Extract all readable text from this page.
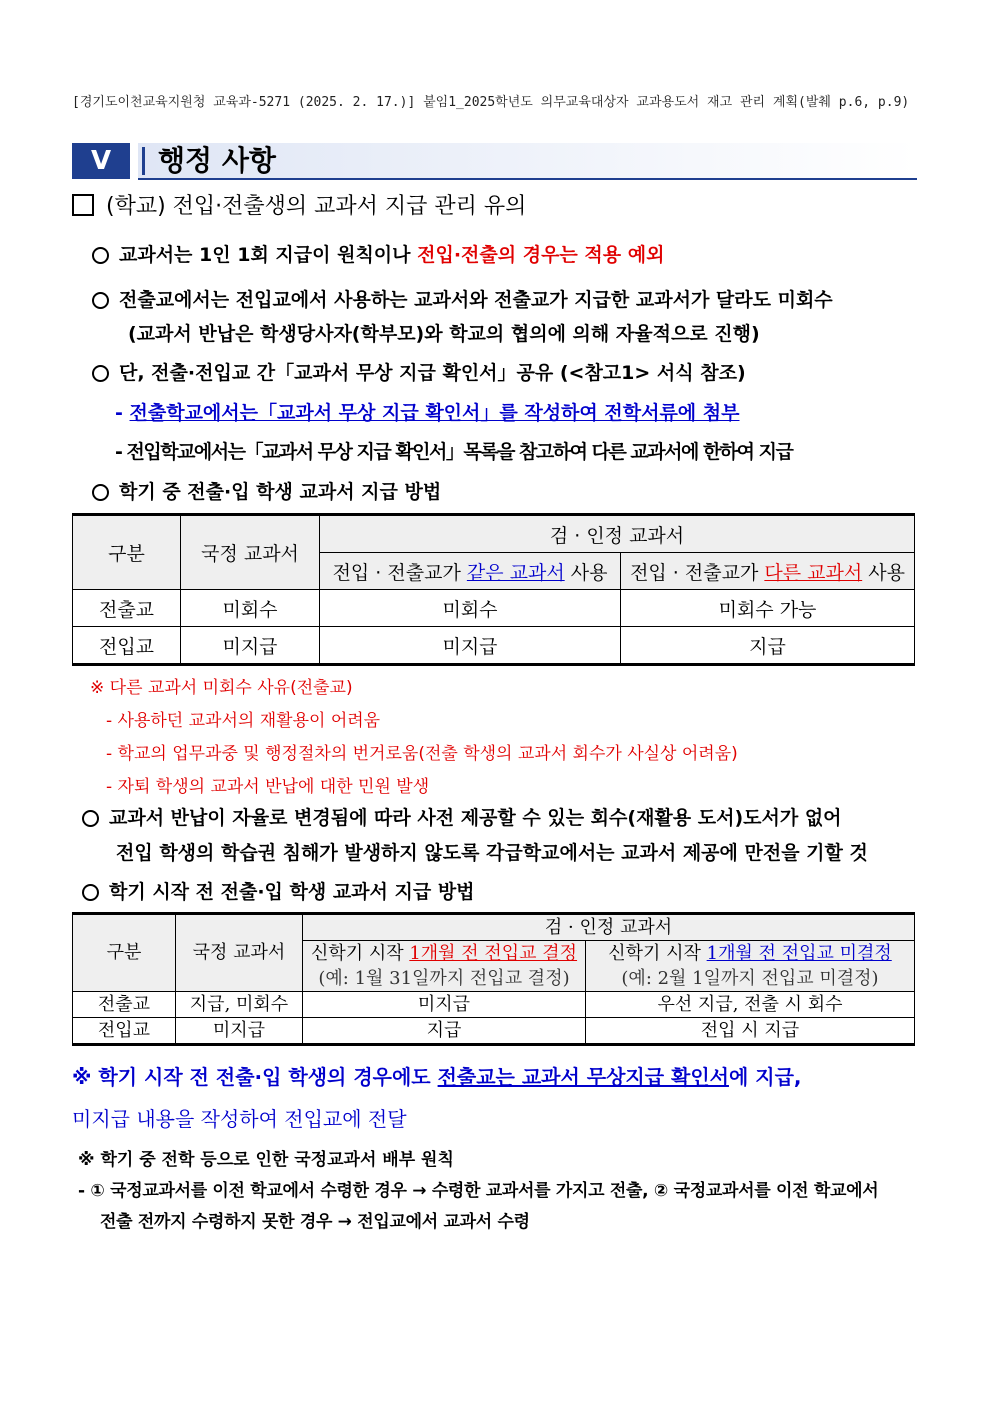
[경기도이천교육지원청 교육과-5271 (2025. 2. 17.)] 붙임1_2025학년도 의무교육대상자 교과용도서 재고 관리 계획(발췌 p.6, p.9)
V	행정 사항
(학교) 전입·전출생의 교과서 지급 관리 유의
교과서는 1인 1회 지급이 원칙이나 전입·전출의 경우는 적용 예외
전출교에서는 전입교에서 사용하는 교과서와 전출교가 지급한 교과서가 달라도 미회수
(교과서 반납은 학생당사자(학부모)와 학교의 협의에 의해 자율적으로 진행)
단, 전출·전입교 간「교과서 무상 지급 확인서」공유 (<참고1> 서식 참조)
- 전출학교에서는「교과서 무상 지급 확인서」를 작성하여 전학서류에 첨부
- 전입학교에서는「교과서 무상 지급 확인서」목록을 참고하여 다른 교과서에 한하여 지급
학기 중 전출·입 학생 교과서 지급 방법
구분	국정 교과서	검 · 인정 교과서	
		전입 · 전출교가 같은 교과서 사용	전입 · 전출교가 다른 교과서 사용
전출교	미회수	미회수	미회수 가능
전입교	미지급	미지급	지급
※ 다른 교과서 미회수 사유(전출교)
- 사용하던 교과서의 재활용이 어려움
- 학교의 업무과중 및 행정절차의 번거로움(전출 학생의 교과서 회수가 사실상 어려움)
- 자퇴 학생의 교과서 반납에 대한 민원 발생
교과서 반납이 자율로 변경됨에 따라 사전 제공할 수 있는 회수(재활용 도서)도서가 없어
전입 학생의 학습권 침해가 발생하지 않도록 각급학교에서는 교과서 제공에 만전을 기할 것
학기 시작 전 전출·입 학생 교과서 지급 방법
구분	국정 교과서	검 · 인정 교과서	
		신학기 시작 1개월 전 전입교 결정	신학기 시작 1개월 전 전입교 미결정
		(예: 1월 31일까지 전입교 결정)	(예: 2월 1일까지 전입교 미결정)
전출교	지급, 미회수	미지급	우선 지급, 전출 시 회수
전입교	미지급	지급	전입 시 지급
※ 학기 시작 전 전출·입 학생의 경우에도 전출교는 교과서 무상지급 확인서에 지급,
미지급 내용을 작성하여 전입교에 전달
※ 학기 중 전학 등으로 인한 국정교과서 배부 원칙
- ① 국정교과서를 이전 학교에서 수령한 경우 → 수령한 교과서를 가지고 전출, ② 국정교과서를 이전 학교에서
전출 전까지 수령하지 못한 경우 → 전입교에서 교과서 수령
